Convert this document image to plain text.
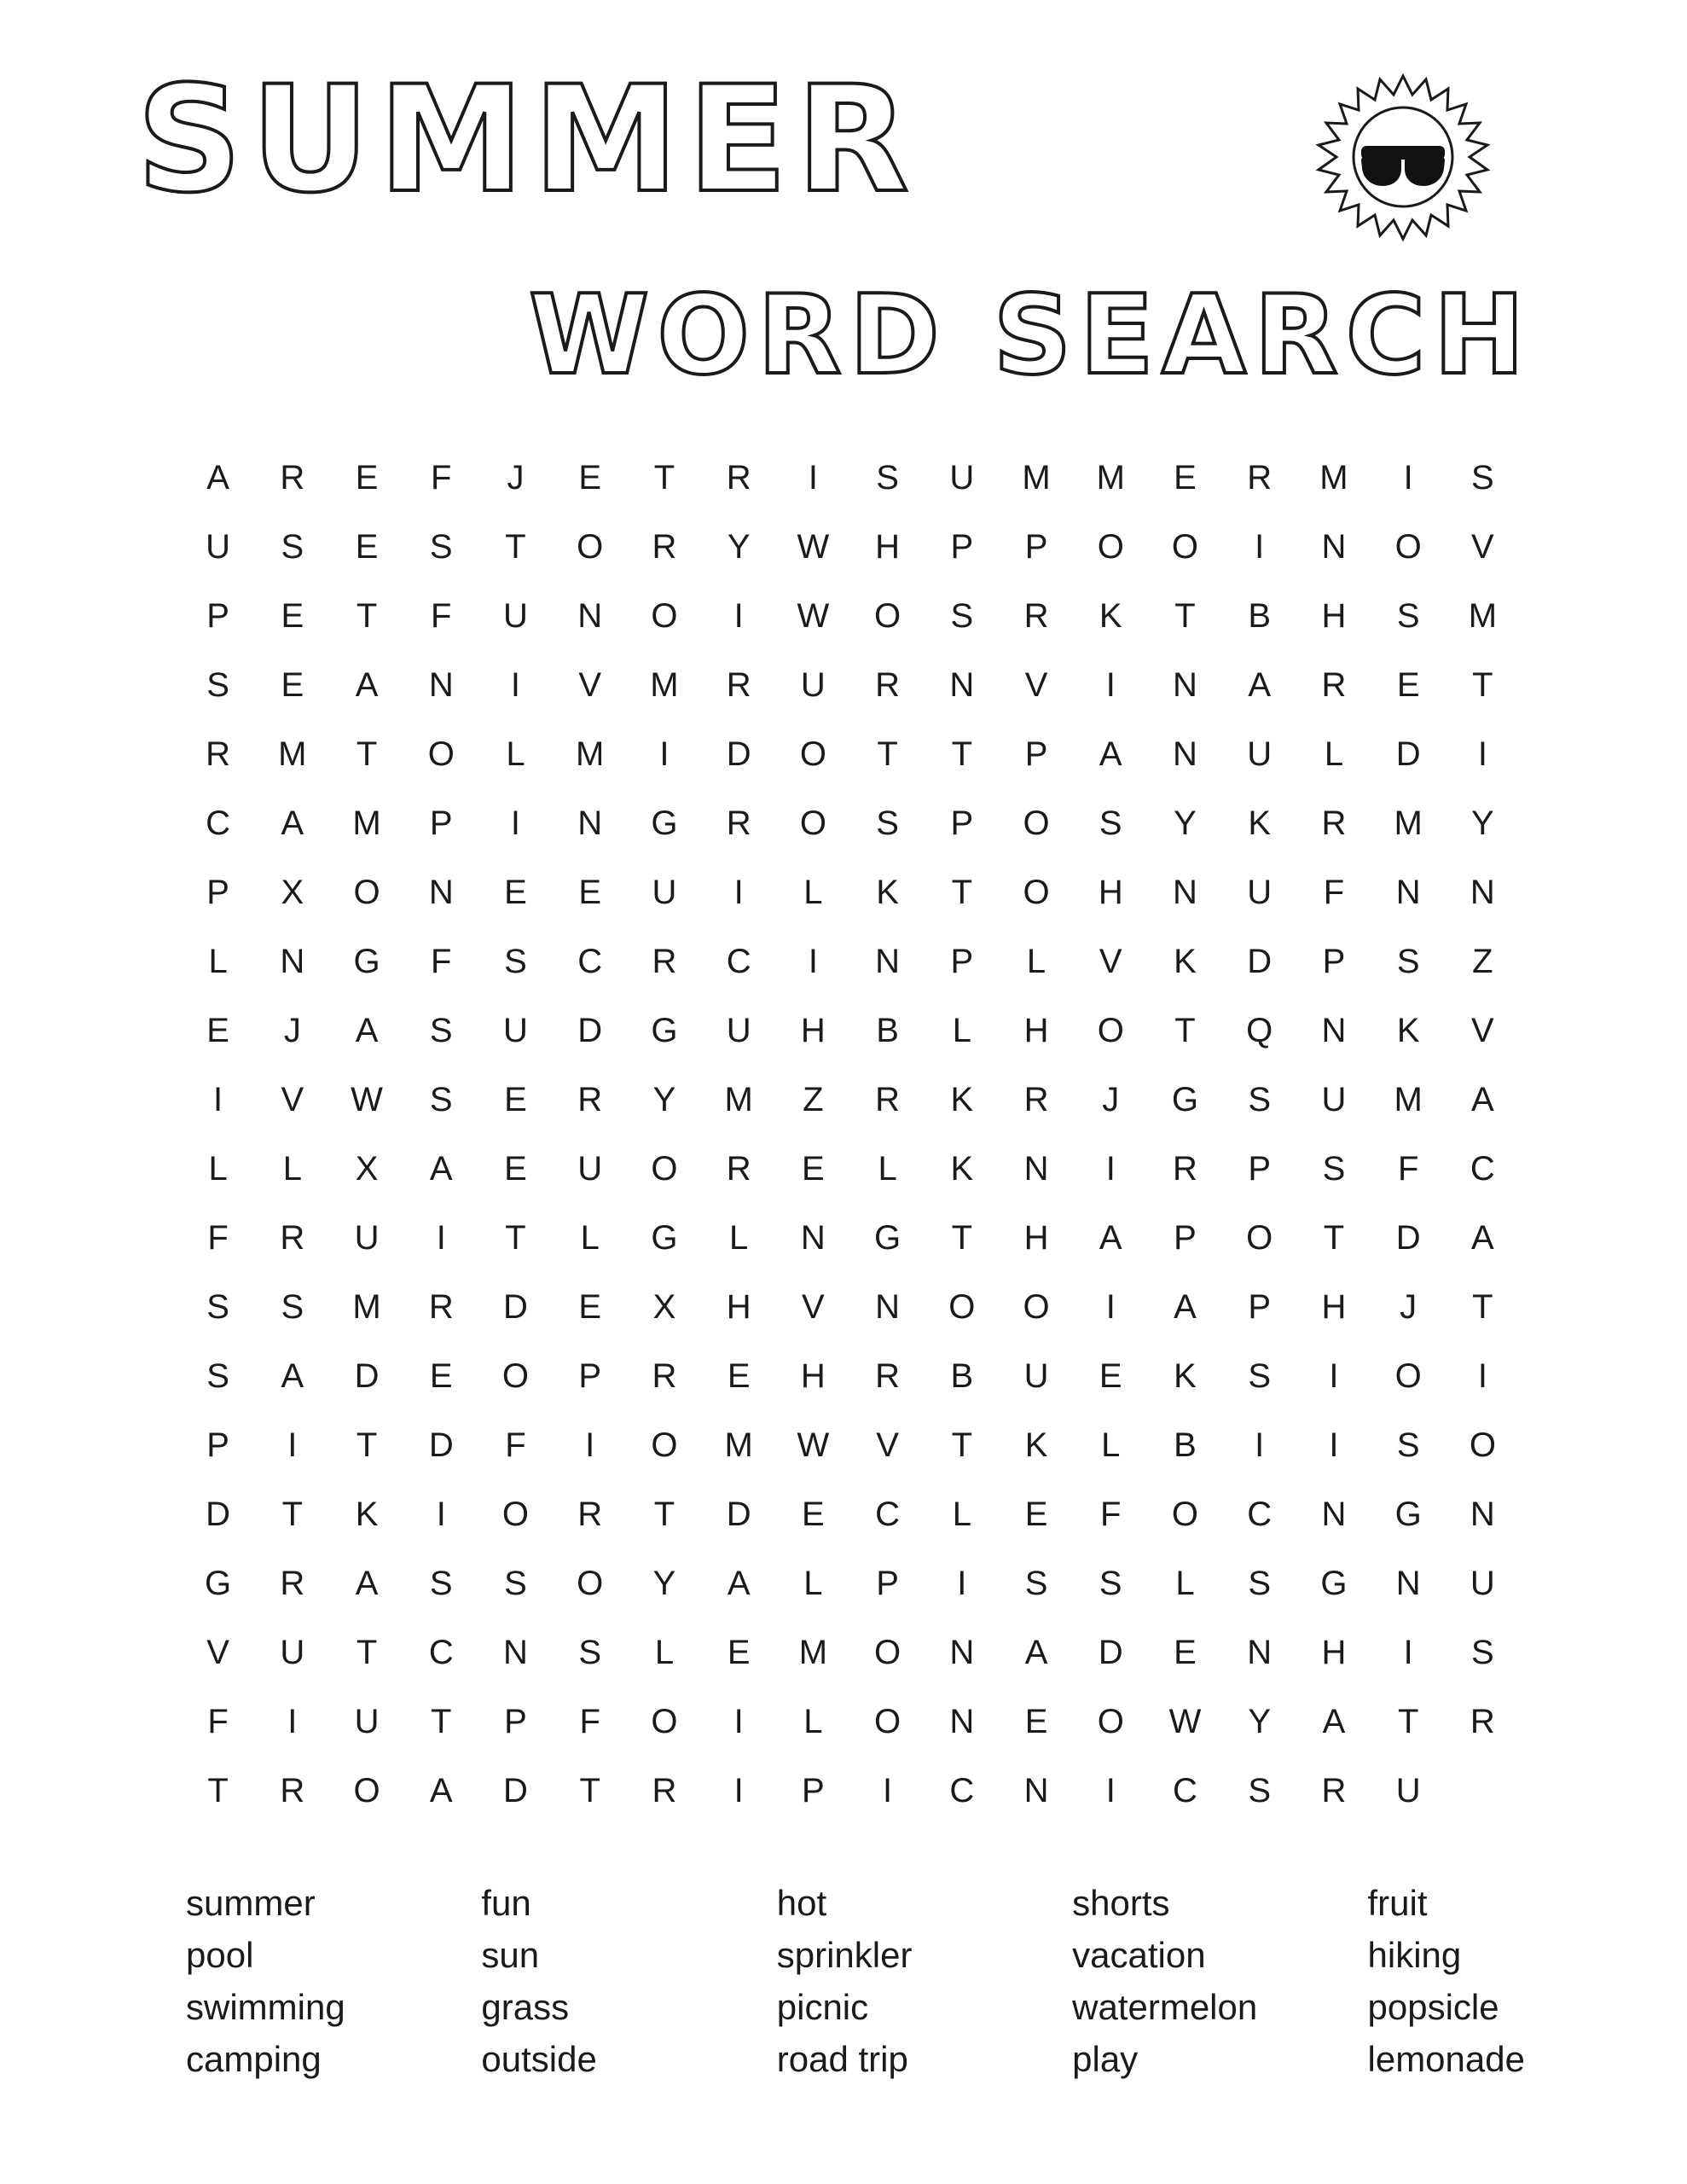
SUMMER
WORD SEARCH
A	R	E	F	J	E	T	R	I	S	U	M	M	E	R	M	I	S
U	S	E	S	T	O	R	Y	W	H	P	P	O	O	I	N	O	V
P	E	T	F	U	N	O	I	W	O	S	R	K	T	B	H	S	M
S	E	A	N	I	V	M	R	U	R	N	V	I	N	A	R	E	T
R	M	T	O	L	M	I	D	O	T	T	P	A	N	U	L	D	I
C	A	M	P	I	N	G	R	O	S	P	O	S	Y	K	R	M	Y
P	X	O	N	E	E	U	I	L	K	T	O	H	N	U	F	N	N
L	N	G	F	S	C	R	C	I	N	P	L	V	K	D	P	S	Z
E	J	A	S	U	D	G	U	H	B	L	H	O	T	Q	N	K	V
I	V	W	S	E	R	Y	M	Z	R	K	R	J	G	S	U	M	A
L	L	X	A	E	U	O	R	E	L	K	N	I	R	P	S	F	C
F	R	U	I	T	L	G	L	N	G	T	H	A	P	O	T	D	A
S	S	M	R	D	E	X	H	V	N	O	O	I	A	P	H	J	T
S	A	D	E	O	P	R	E	H	R	B	U	E	K	S	I	O	I
P	I	T	D	F	I	O	M	W	V	T	K	L	B	I	I	S	O
D	T	K	I	O	R	T	D	E	C	L	E	F	O	C	N	G	N
G	R	A	S	S	O	Y	A	L	P	I	S	S	L	S	G	N	U
V	U	T	C	N	S	L	E	M	O	N	A	D	E	N	H	I	S
F	I	U	T	P	F	O	I	L	O	N	E	O	W	Y	A	T	R
T	R	O	A	D	T	R	I	P	I	C	N	I	C	S	R	U
summer
pool
swimming
camping
fun
sun
grass
outside
hot
sprinkler
picnic
road trip
shorts
vacation
watermelon
play
fruit
hiking
popsicle
lemonade
